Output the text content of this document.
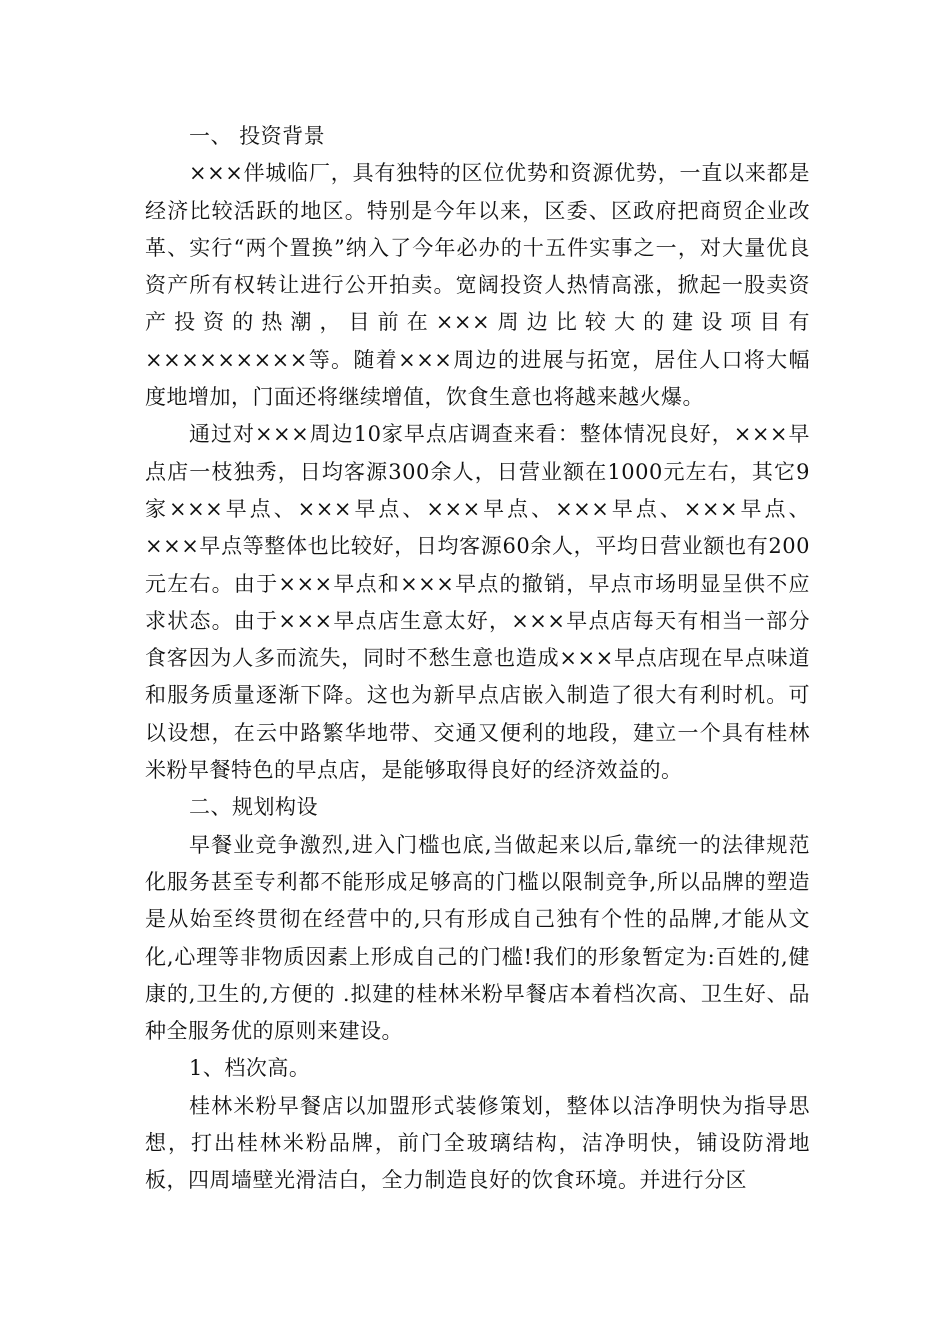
一、 投资背景

×××伴城临厂，具有独特的区位优势和资源优势，一直以来都是经济比较活跃的地区。特别是今年以来，区委、区政府把商贸企业改革、实行“两个置换”纳入了今年必办的十五件实事之一，对大量优良资产所有权转让进行公开拍卖。宽阔投资人热情高涨，掀起一股卖资产投资的热潮，目前在×××周边比较大的建设项目有×××××××××等。随着×××周边的进展与拓宽，居住人口将大幅度地增加，门面还将继续增值，饮食生意也将越来越火爆。

通过对×××周边10家早点店调查来看：整体情况良好，×××早点店一枝独秀，日均客源300余人，日营业额在1000元左右，其它9家×××早点、×××早点、×××早点、×××早点、×××早点、×××早点等整体也比较好，日均客源60余人，平均日营业额也有200元左右。由于×××早点和×××早点的撤销，早点市场明显呈供不应求状态。由于×××早点店生意太好，×××早点店每天有相当一部分食客因为人多而流失，同时不愁生意也造成×××早点店现在早点味道和服务质量逐渐下降。这也为新早点店嵌入制造了很大有利时机。可以设想，在云中路繁华地带、交通又便利的地段，建立一个具有桂林米粉早餐特色的早点店，是能够取得良好的经济效益的。

二、规划构设

早餐业竞争激烈,进入门槛也底,当做起来以后,靠统一的法律规范化服务甚至专利都不能形成足够高的门槛以限制竞争,所以品牌的塑造是从始至终贯彻在经营中的,只有形成自己独有个性的品牌,才能从文化,心理等非物质因素上形成自己的门槛!我们的形象暂定为:百姓的,健康的,卫生的,方便的 .拟建的桂林米粉早餐店本着档次高、卫生好、品种全服务优的原则来建设。

1、档次高。

桂林米粉早餐店以加盟形式装修策划，整体以洁净明快为指导思想，打出桂林米粉品牌，前门全玻璃结构，洁净明快，铺设防滑地板，四周墙壁光滑洁白，全力制造良好的饮食环境。并进行分区
